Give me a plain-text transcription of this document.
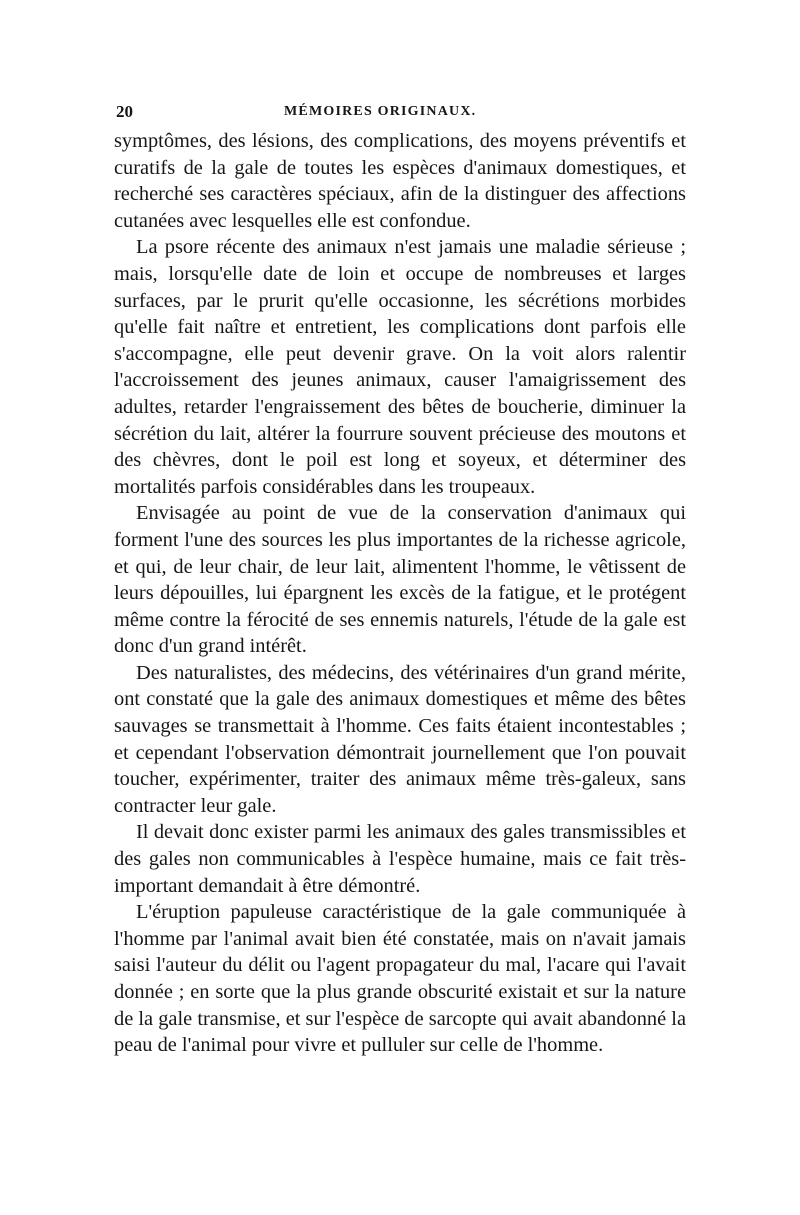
20	MÉMOIRES ORIGINAUX.

symptômes, des lésions, des complications, des moyens préventifs et curatifs de la gale de toutes les espèces d'animaux domestiques, et recherché ses caractères spéciaux, afin de la distinguer des affections cutanées avec lesquelles elle est confondue.

La psore récente des animaux n'est jamais une maladie sérieuse ; mais, lorsqu'elle date de loin et occupe de nombreuses et larges surfaces, par le prurit qu'elle occasionne, les sécrétions morbides qu'elle fait naître et entretient, les complications dont parfois elle s'accompagne, elle peut devenir grave. On la voit alors ralentir l'accroissement des jeunes animaux, causer l'amaigrissement des adultes, retarder l'engraissement des bêtes de boucherie, diminuer la sécrétion du lait, altérer la fourrure souvent précieuse des moutons et des chèvres, dont le poil est long et soyeux, et déterminer des mortalités parfois considérables dans les troupeaux.

Envisagée au point de vue de la conservation d'animaux qui forment l'une des sources les plus importantes de la richesse agricole, et qui, de leur chair, de leur lait, alimentent l'homme, le vêtissent de leurs dépouilles, lui épargnent les excès de la fatigue, et le protégent même contre la férocité de ses ennemis naturels, l'étude de la gale est donc d'un grand intérêt.

Des naturalistes, des médecins, des vétérinaires d'un grand mérite, ont constaté que la gale des animaux domestiques et même des bêtes sauvages se transmettait à l'homme. Ces faits étaient incontestables ; et cependant l'observation démontrait journellement que l'on pouvait toucher, expérimenter, traiter des animaux même très-galeux, sans contracter leur gale.

Il devait donc exister parmi les animaux des gales transmissibles et des gales non communicables à l'espèce humaine, mais ce fait très-important demandait à être démontré.

L'éruption papuleuse caractéristique de la gale communiquée à l'homme par l'animal avait bien été constatée, mais on n'avait jamais saisi l'auteur du délit ou l'agent propagateur du mal, l'acare qui l'avait donnée ; en sorte que la plus grande obscurité existait et sur la nature de la gale transmise, et sur l'espèce de sarcopte qui avait abandonné la peau de l'animal pour vivre et pulluler sur celle de l'homme.
